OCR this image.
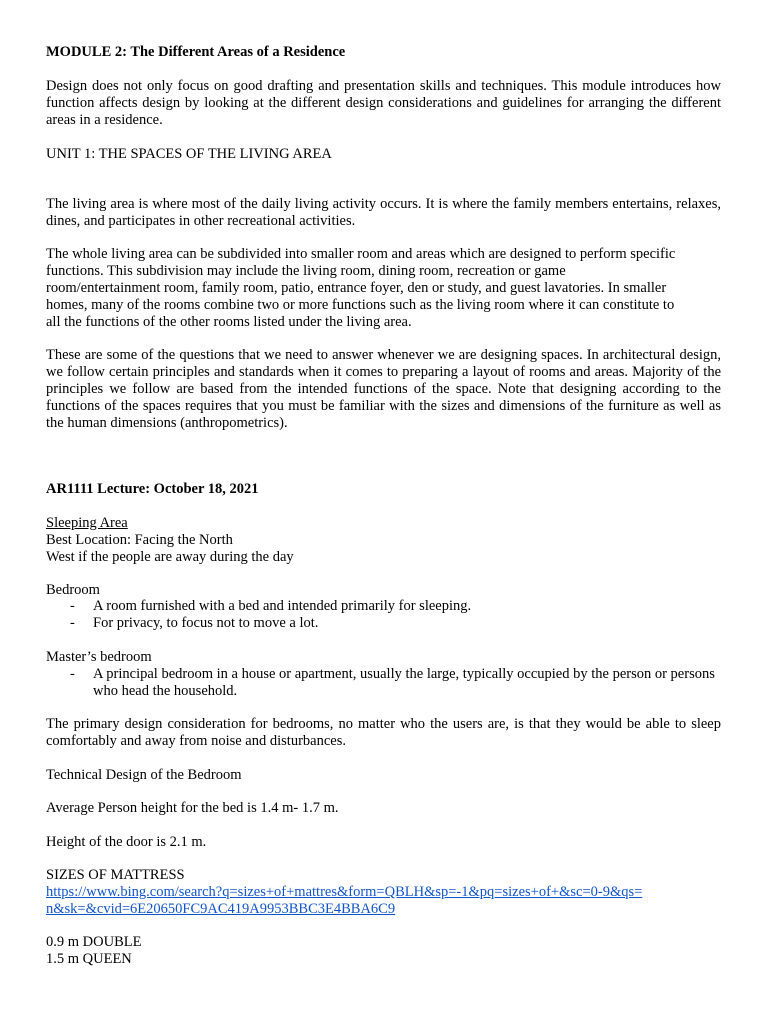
MODULE 2: The Different Areas of a Residence

Design does not only focus on good drafting and presentation skills and techniques. This module introduces how function affects design by looking at the different design considerations and guidelines for arranging the different areas in a residence.

UNIT 1: THE SPACES OF THE LIVING AREA

The living area is where most of the daily living activity occurs. It is where the family members entertains, relaxes, dines, and participates in other recreational activities.

The whole living area can be subdivided into smaller room and areas which are designed to perform specific
functions. This subdivision may include the living room, dining room, recreation or game
room/entertainment room, family room, patio, entrance foyer, den or study, and guest lavatories. In smaller
homes, many of the rooms combine two or more functions such as the living room where it can constitute to
all the functions of the other rooms listed under the living area.

These are some of the questions that we need to answer whenever we are designing spaces. In architectural design, we follow certain principles and standards when it comes to preparing a layout of rooms and areas. Majority of the principles we follow are based from the intended functions of the space. Note that designing according to the functions of the spaces requires that you must be familiar with the sizes and dimensions of the furniture as well as the human dimensions (anthropometrics).

AR1111 Lecture: October 18, 2021

Sleeping Area
Best Location: Facing the North
West if the people are away during the day

Bedroom

-	A room furnished with a bed and intended primarily for sleeping.

-	For privacy, to focus not to move a lot.

Master’s bedroom

-	A principal bedroom in a house or apartment, usually the large, typically occupied by the person or persons who head the household.

The primary design consideration for bedrooms, no matter who the users are, is that they would be able to sleep comfortably and away from noise and disturbances.

Technical Design of the Bedroom

Average Person height for the bed is 1.4 m- 1.7 m.

Height of the door is 2.1 m.

SIZES OF MATTRESS

https://www.bing.com/search?q=sizes+of+mattres&form=QBLH&sp=-1&pq=sizes+of+&sc=0-9&qs=n&sk=&cvid=6E20650FC9AC419A9953BBC3E4BBA6C9

0.9 m DOUBLE
1.5 m QUEEN
